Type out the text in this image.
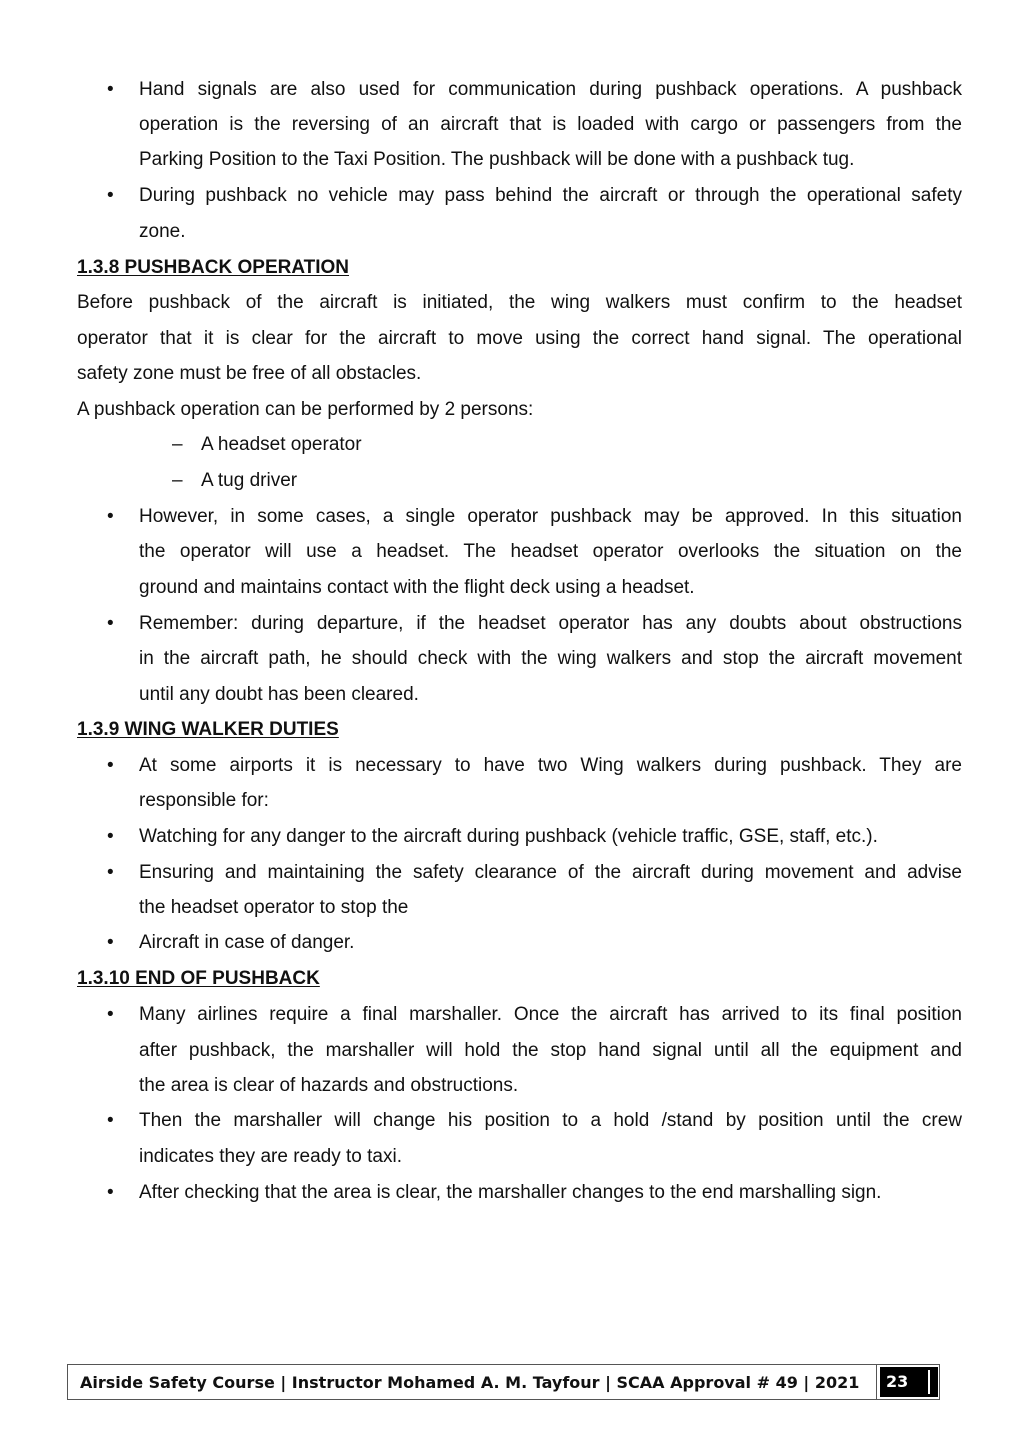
• Hand signals are also used for communication during pushback operations. A pushback
operation is the reversing of an aircraft that is loaded with cargo or passengers from the
Parking Position to the Taxi Position. The pushback will be done with a pushback tug.
• During pushback no vehicle may pass behind the aircraft or through the operational safety
zone.
1.3.8 PUSHBACK OPERATION
Before pushback of the aircraft is initiated, the wing walkers must confirm to the headset
operator that it is clear for the aircraft to move using the correct hand signal. The operational
safety zone must be free of all obstacles.
A pushback operation can be performed by 2 persons:
– A headset operator
– A tug driver
• However, in some cases, a single operator pushback may be approved. In this situation
the operator will use a headset. The headset operator overlooks the situation on the
ground and maintains contact with the flight deck using a headset.
• Remember: during departure, if the headset operator has any doubts about obstructions
in the aircraft path, he should check with the wing walkers and stop the aircraft movement
until any doubt has been cleared.
1.3.9 WING WALKER DUTIES
• At some airports it is necessary to have two Wing walkers during pushback. They are
responsible for:
• Watching for any danger to the aircraft during pushback (vehicle traffic, GSE, staff, etc.).
• Ensuring and maintaining the safety clearance of the aircraft during movement and advise
the headset operator to stop the
• Aircraft in case of danger.
1.3.10 END OF PUSHBACK
• Many airlines require a final marshaller. Once the aircraft has arrived to its final position
after pushback, the marshaller will hold the stop hand signal until all the equipment and
the area is clear of hazards and obstructions.
• Then the marshaller will change his position to a hold /stand by position until the crew
indicates they are ready to taxi.
• After checking that the area is clear, the marshaller changes to the end marshalling sign.
Airside Safety Course | Instructor Mohamed A. M. Tayfour | SCAA Approval # 49 | 2021 23
